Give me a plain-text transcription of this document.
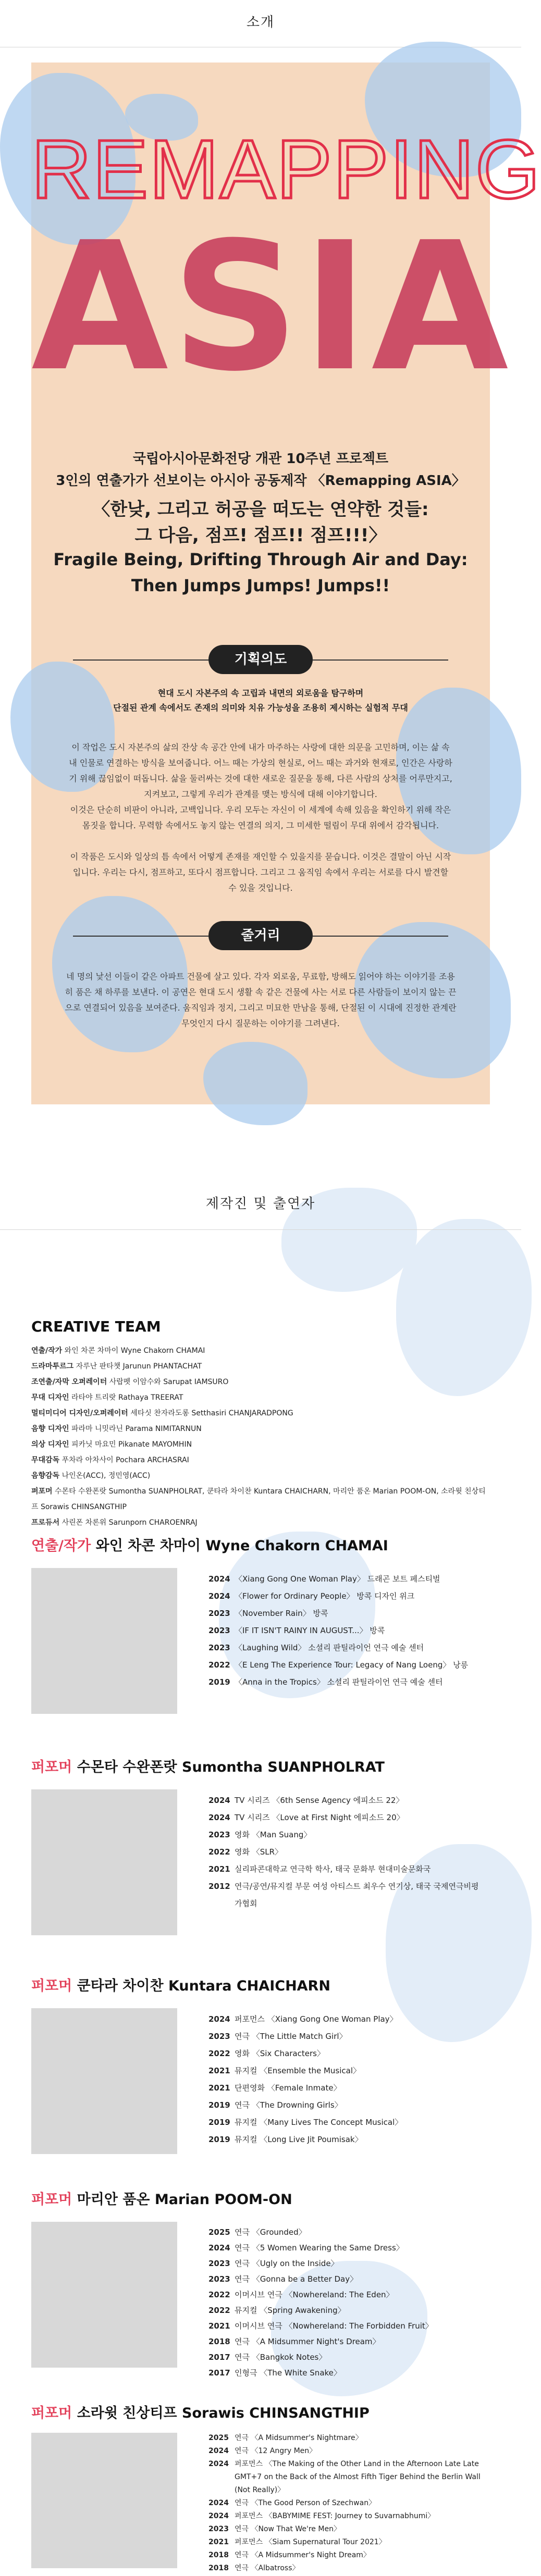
소개
ASIA
REMAPPING
국립아시아문화전당 개관 10주년 프로젝트
3인의 연출가가 선보이는 아시아 공동제작 〈Remapping ASIA〉
〈한낮, 그리고 허공을 떠도는 연약한 것들:
그 다음, 점프! 점프!! 점프!!!〉
Fragile Being, Drifting Through Air and Day:
Then Jumps Jumps! Jumps!!
기획의도
현대 도시 자본주의 속 고립과 내면의 외로움을 탐구하며
단절된 관계 속에서도 존재의 의미와 치유 가능성을 조용히 제시하는 실험적 무대
이 작업은 도시 자본주의 삶의 잔상 속 공간 안에 내가 마주하는 사랑에 대한 의문을 고민하며, 이는 삶 속 내 인물로 연결하는 방식을 보여줍니다. 어느 때는 가상의 현실로, 어느 때는 과거와 현재로, 인간은 사랑하기 위해 끊임없이 떠돕니다. 삶을 둘러싸는 것에 대한 새로운 질문을 통해, 다른 사람의 상처를 어루만지고, 지켜보고, 그렇게 우리가 관계를 맺는 방식에 대해 이야기합니다.
이것은 단순히 비판이 아니라, 고백입니다. 우리 모두는 자신이 이 세계에 속해 있음을 확인하기 위해 작은 몸짓을 합니다. 무력함 속에서도 놓지 않는 연결의 의지, 그 미세한 떨림이 무대 위에서 감각됩니다.
이 작품은 도시와 일상의 틈 속에서 어떻게 존재를 재인할 수 있을지를 묻습니다. 이것은 결말이 아닌 시작입니다. 우리는 다시, 점프하고, 또다시 점프합니다. 그리고 그 움직임 속에서 우리는 서로를 다시 발견할 수 있을 것입니다.
줄거리
네 명의 낯선 이들이 같은 아파트 건물에 살고 있다. 각자 외로움, 무료함, 방해도 읽어야 하는 이야기를 조용히 품은 채 하루를 보낸다. 이 공연은 현대 도시 생활 속 같은 건물에 사는 서로 다른 사람들이 보이지 않는 끈으로 연결되어 있음을 보여준다. 움직임과 정지, 그리고 미묘한 만남을 통해, 단절된 이 시대에 진정한 관계란 무엇인지 다시 질문하는 이야기를 그려낸다.
제작진 및 출연자
CREATIVE TEAM
연출/작가 와인 차콘 차마이 Wyne Chakorn CHAMAI
드라마투르그 자루난 판타챗 Jarunun PHANTACHAT
조연출/자막 오퍼레이터 사랍펫 이암수와 Sarupat IAMSURO
무대 디자인 라타야 트리랏 Rathaya TREERAT
멀티미디어 디자인/오퍼레이터 세타싯 찬자라도롱 Setthasiri CHANJARADPONG
음향 디자인 파라마 니밋라닌 Parama NIMITARNUN
의상 디자인 피카닛 마요민 Pikanate MAYOMHIN
무대감독 푸차라 아차사이 Pochara ARCHASRAI
음향감독 나인온(ACC), 정민영(ACC)
퍼포머 수몬타 수완폰랏 Sumontha SUANPHOLRAT, 쿤타라 차이찬 Kuntara CHAICHARN, 마리안 품온 Marian POOM-ON, 소라윗 친상티프 Sorawis CHINSANGTHIP
프로듀서 사린폰 차론위 Sarunporn CHAROENRAJ
연출/작가 와인 차콘 차마이 Wyne Chakorn CHAMAI
2024 〈Xiang Gong One Woman Play〉 드래곤 보트 페스티벌
2024 〈Flower for Ordinary People〉 방콕 디자인 위크
2023 〈November Rain〉 방콕
2023 〈IF IT ISN'T RAINY IN AUGUST...〉 방콕
2023 〈Laughing Wild〉 소셜리 판틸라이언 연극 예술 센터
2022 〈E Leng The Experience Tour: Legacy of Nang Loeng〉 낭릉
2019 〈Anna in the Tropics〉 소셜리 판틸라이언 연극 예술 센터
퍼포머 수몬타 수완폰랏 Sumontha SUANPHOLRAT
2024 TV 시리즈 〈6th Sense Agency 에피소드 22〉
2024 TV 시리즈 〈Love at First Night 에피소드 20〉
2023 영화 〈Man Suang〉
2022 영화 〈SLR〉
2021 실리파콘대학교 연극학 학사, 태국 문화부 현대미술문화국
2012 연극/공연/뮤지컬 부문 여성 아티스트 최우수 연기상, 태국 국제연극비평가협회
퍼포머 쿤타라 차이찬 Kuntara CHAICHARN
2024 퍼포먼스 〈Xiang Gong One Woman Play〉
2023 연극 〈The Little Match Girl〉
2022 영화 〈Six Characters〉
2021 뮤지컬 〈Ensemble the Musical〉
2021 단편영화 〈Female Inmate〉
2019 연극 〈The Drowning Girls〉
2019 뮤지컬 〈Many Lives The Concept Musical〉
2019 뮤지컬 〈Long Live Jit Poumisak〉
퍼포머 마리안 품온 Marian POOM-ON
2025 연극 〈Grounded〉
2024 연극 〈5 Women Wearing the Same Dress〉
2023 연극 〈Ugly on the Inside〉
2023 연극 〈Gonna be a Better Day〉
2022 이머시브 연극 〈Nowhereland: The Eden〉
2022 뮤지컬 〈Spring Awakening〉
2021 이머시브 연극 〈Nowhereland: The Forbidden Fruit〉
2018 연극 〈A Midsummer Night's Dream〉
2017 연극 〈Bangkok Notes〉
2017 인형극 〈The White Snake〉
퍼포머 소라윗 친상티프 Sorawis CHINSANGTHIP
2025 연극 〈A Midsummer's Nightmare〉
2024 연극 〈12 Angry Men〉
2024 퍼포먼스 〈The Making of the Other Land in the Afternoon Late Late GMT+7 on the Back of the Almost Fifth Tiger Behind the Berlin Wall (Not Really)〉
2024 연극 〈The Good Person of Szechwan〉
2024 퍼포먼스 〈BABYMIME FEST: Journey to Suvarnabhumi〉
2023 연극 〈Now That We're Men〉
2021 퍼포먼스 〈Siam Supernatural Tour 2021〉
2018 연극 〈A Midsummer's Night Dream〉
2018 연극 〈Albatross〉
